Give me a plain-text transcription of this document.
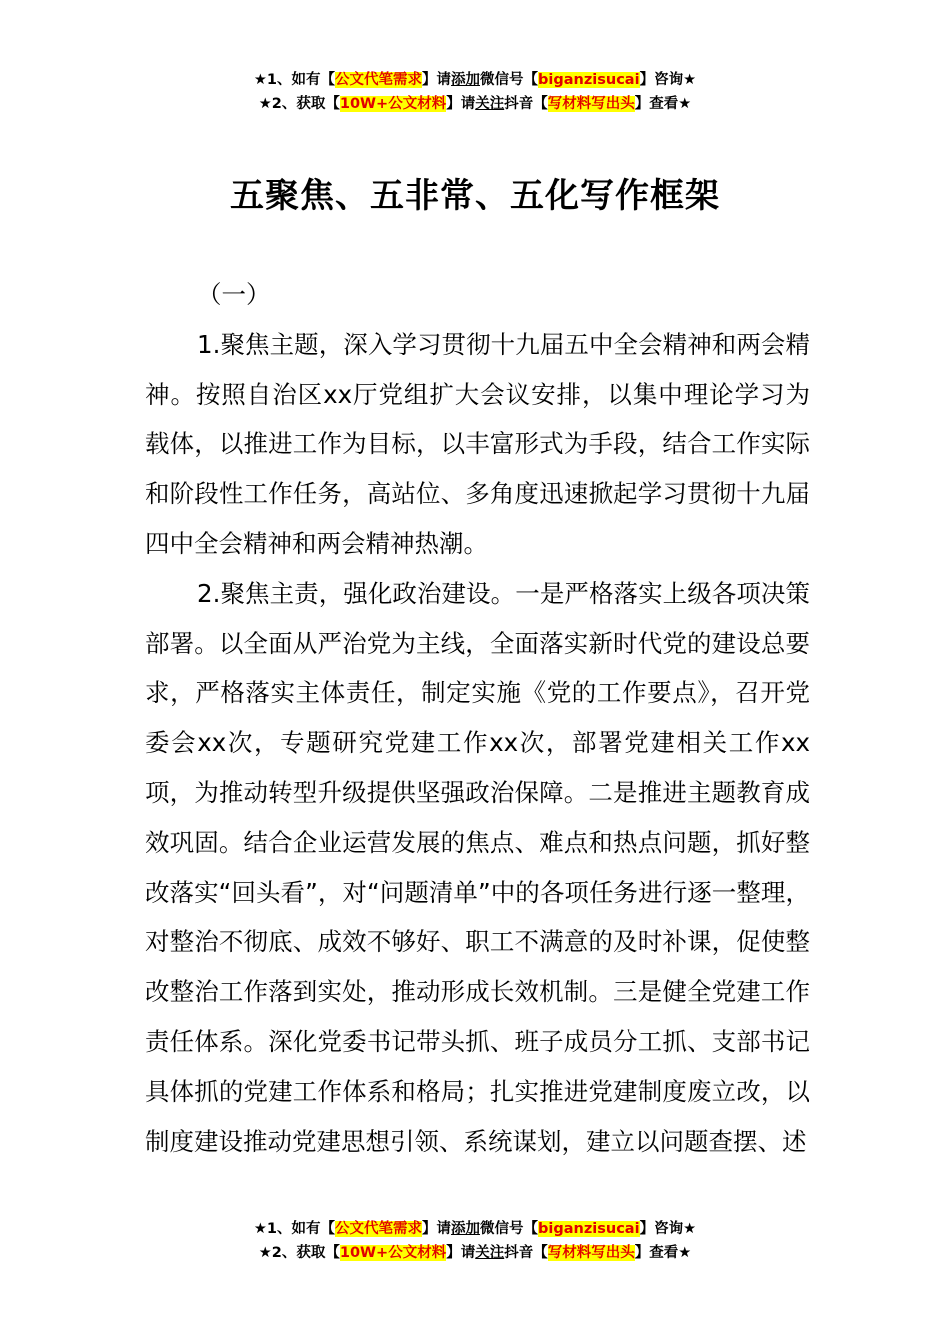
★1、如有【公文代笔需求】请添加微信号【biganzisucai】咨询★
★2、获取【10W+公文材料】请关注抖音【写材料写出头】查看★
五聚焦、五非常、五化写作框架

（一）

1.聚焦主题，深入学习贯彻十九届五中全会精神和两会精神。按照自治区xx厅党组扩大会议安排，以集中理论学习为载体，以推进工作为目标，以丰富形式为手段，结合工作实际和阶段性工作任务，高站位、多角度迅速掀起学习贯彻十九届四中全会精神和两会精神热潮。

2.聚焦主责，强化政治建设。一是严格落实上级各项决策部署。以全面从严治党为主线，全面落实新时代党的建设总要求，严格落实主体责任，制定实施《党的工作要点》，召开党委会xx次，专题研究党建工作xx次，部署党建相关工作xx项，为推动转型升级提供坚强政治保障。二是推进主题教育成效巩固。结合企业运营发展的焦点、难点和热点问题，抓好整改落实“回头看”，对“问题清单”中的各项任务进行逐一整理，对整治不彻底、成效不够好、职工不满意的及时补课，促使整改整治工作落到实处，推动形成长效机制。三是健全党建工作责任体系。深化党委书记带头抓、班子成员分工抓、支部书记具体抓的党建工作体系和格局；扎实推进党建制度废立改，以制度建设推动党建思想引领、系统谋划，建立以问题查摆、述

★1、如有【公文代笔需求】请添加微信号【biganzisucai】咨询★
★2、获取【10W+公文材料】请关注抖音【写材料写出头】查看★
